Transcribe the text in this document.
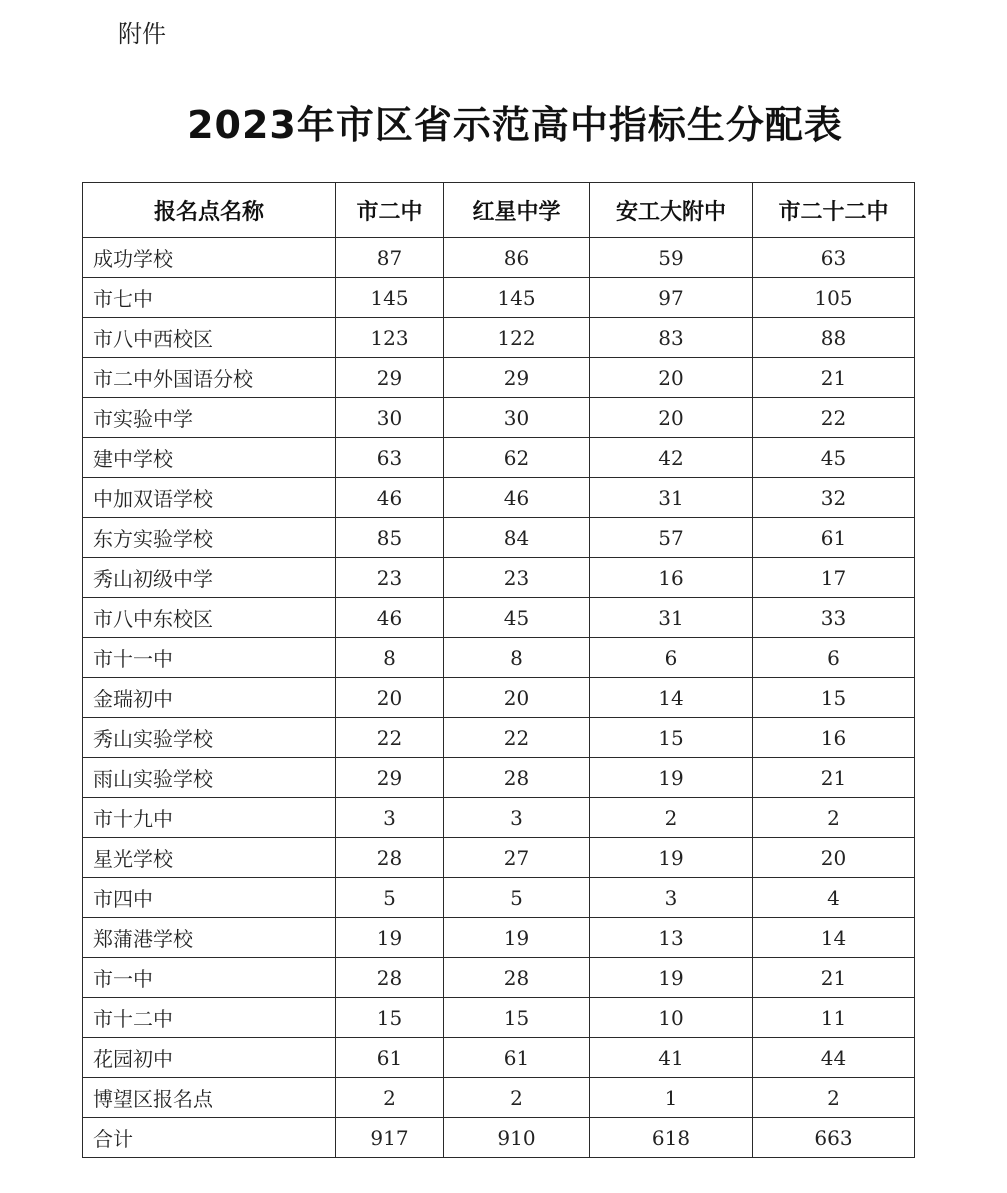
附件
2023年市区省示范高中指标生分配表
报名点名称	市二中	红星中学	安工大附中	市二十二中
成功学校	87	86	59	63
市七中	145	145	97	105
市八中西校区	123	122	83	88
市二中外国语分校	29	29	20	21
市实验中学	30	30	20	22
建中学校	63	62	42	45
中加双语学校	46	46	31	32
东方实验学校	85	84	57	61
秀山初级中学	23	23	16	17
市八中东校区	46	45	31	33
市十一中	8	8	6	6
金瑞初中	20	20	14	15
秀山实验学校	22	22	15	16
雨山实验学校	29	28	19	21
市十九中	3	3	2	2
星光学校	28	27	19	20
市四中	5	5	3	4
郑蒲港学校	19	19	13	14
市一中	28	28	19	21
市十二中	15	15	10	11
花园初中	61	61	41	44
博望区报名点	2	2	1	2
合计	917	910	618	663
